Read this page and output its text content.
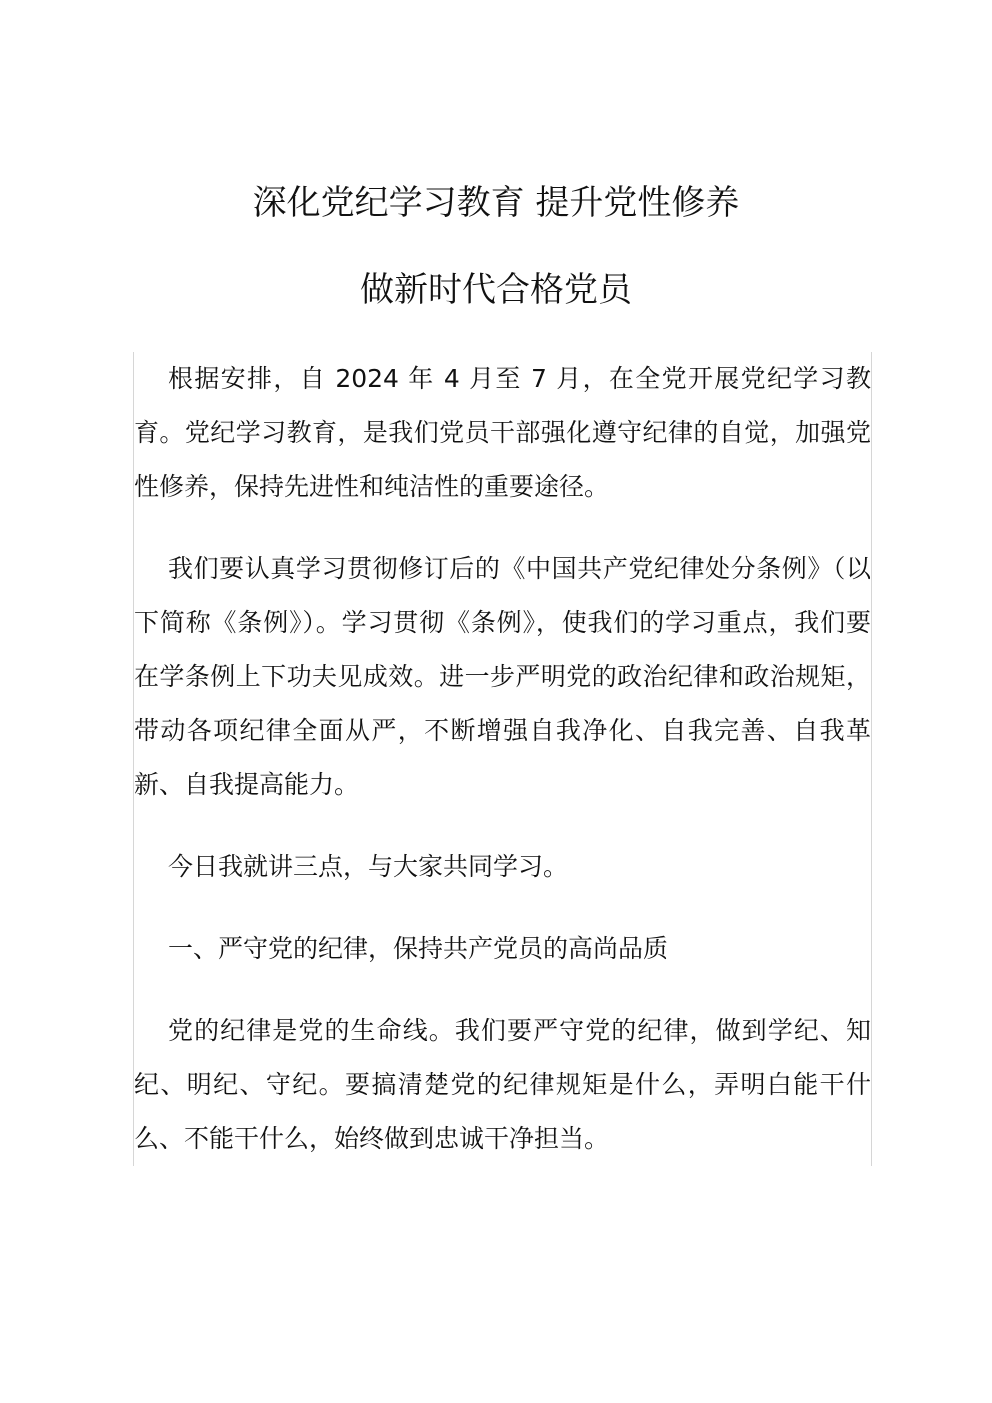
深化党纪学习教育 提升党性修养
做新时代合格党员

根据安排，自 2024 年 4 月至 7 月，在全党开展党纪学习教育。党纪学习教育，是我们党员干部强化遵守纪律的自觉，加强党性修养，保持先进性和纯洁性的重要途径。

我们要认真学习贯彻修订后的《中国共产党纪律处分条例》（以下简称《条例》）。学习贯彻《条例》，使我们的学习重点，我们要在学条例上下功夫见成效。进一步严明党的政治纪律和政治规矩，带动各项纪律全面从严，不断增强自我净化、自我完善、自我革新、自我提高能力。

今日我就讲三点，与大家共同学习。

一、严守党的纪律，保持共产党员的高尚品质

党的纪律是党的生命线。我们要严守党的纪律，做到学纪、知纪、明纪、守纪。要搞清楚党的纪律规矩是什么，弄明白能干什么、不能干什么，始终做到忠诚干净担当。
